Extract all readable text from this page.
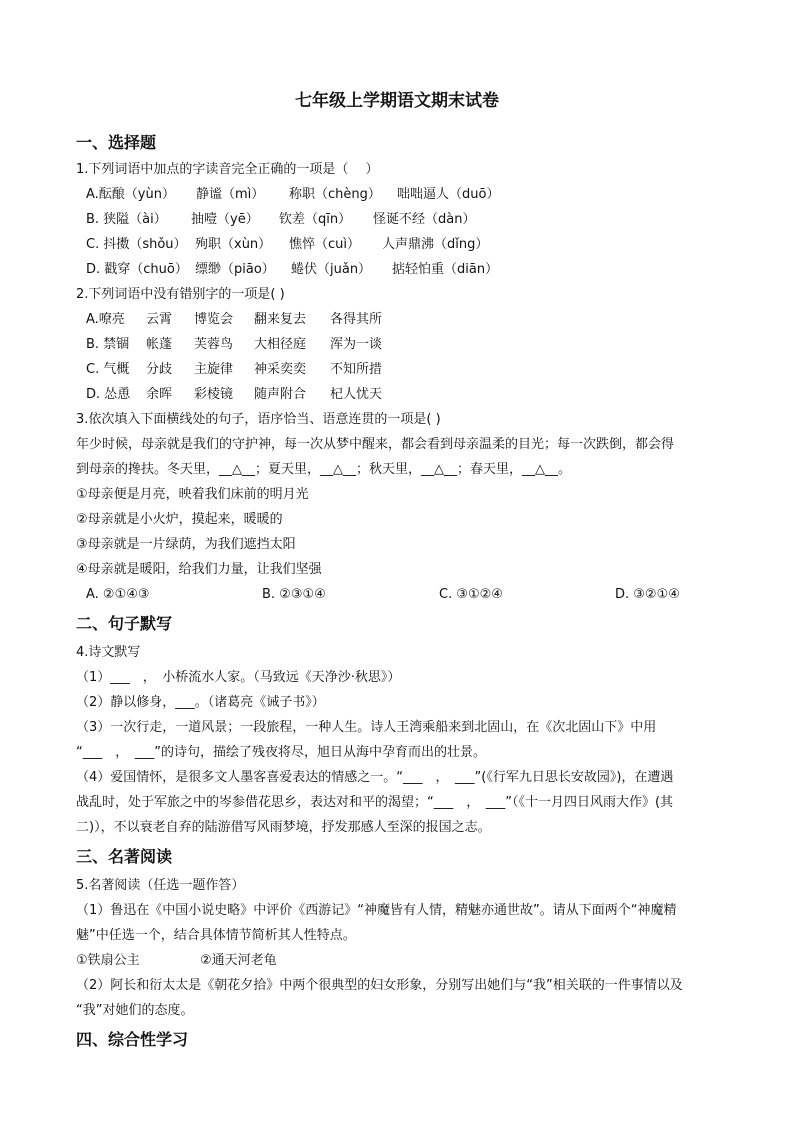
七年级上学期语文期末试卷
一、选择题
1.下列词语中加点的字读音完全正确的一项是（　 ）
A.酝酿（yùn） 静谧（mì） 称职（chèng） 咄咄逼人（duō）
B. 狭隘（ài） 抽噎（yē） 钦差（qīn） 怪诞不经（dàn）
C. 抖擞（shǒu） 殉职（xùn） 憔悴（cuì） 人声鼎沸（dǐng）
D. 戳穿（chuō） 缥缈（piāo） 蜷伏（juǎn） 掂轻怕重（diān）
2.下列词语中没有错别字的一项是( )
A.嘹亮 云霄 博览会 翻来复去 各得其所
B. 禁锢 帐蓬 芙蓉鸟 大相径庭 浑为一谈
C. 气概 分歧 主旋律 神采奕奕 不知所措
D. 怂恿 余晖 彩棱镜 随声附合 杞人忧天
3.依次填入下面横线处的句子，语序恰当、语意连贯的一项是( )
年少时候，母亲就是我们的守护神，每一次从梦中醒来，都会看到母亲温柔的目光；每一次跌倒，都会得
到母亲的搀扶。冬天里，__△__；夏天里，__△__；秋天里，__△__；春天里，__△__。
①母亲便是月亮，映着我们床前的明月光
②母亲就是小火炉，摸起来，暖暖的
③母亲就是一片绿荫，为我们遮挡太阳
④母亲就是暖阳，给我们力量，让我们坚强
A. ②①④③	B. ②③①④	C. ③①②④	D. ③②①④
二、句子默写
4.诗文默写
（1）___　，　小桥流水人家。（马致远《天净沙·秋思》）
（2）静以修身，___。（诸葛亮《诫子书》）
（3）一次行走，一道风景；一段旅程，一种人生。诗人王湾乘船来到北固山，在《次北固山下》中用
“___　，　___”的诗句，描绘了残夜将尽，旭日从海中孕育而出的壮景。
（4）爱国情怀，是很多文人墨客喜爱表达的情感之一。“___　，　___”(《行军九日思长安故园》)，在遭遇
战乱时，处于军旅之中的岑参借花思乡，表达对和平的渴望；“___　，　___”（《十一月四日风雨大作》(其
二)），不以衰老自弃的陆游借写风雨梦境，抒发那感人至深的报国之志。
三、名著阅读
5.名著阅读（任选一题作答）
（1）鲁迅在《中国小说史略》中评价《西游记》“神魔皆有人情，精魅亦通世故”。请从下面两个“神魔精
魅”中任选一个，结合具体情节简析其人性特点。
①铁扇公主	②通天河老龟
（2）阿长和衍太太是《朝花夕拾》中两个很典型的妇女形象，分别写出她们与“我”相关联的一件事情以及
“我”对她们的态度。
四、综合性学习
